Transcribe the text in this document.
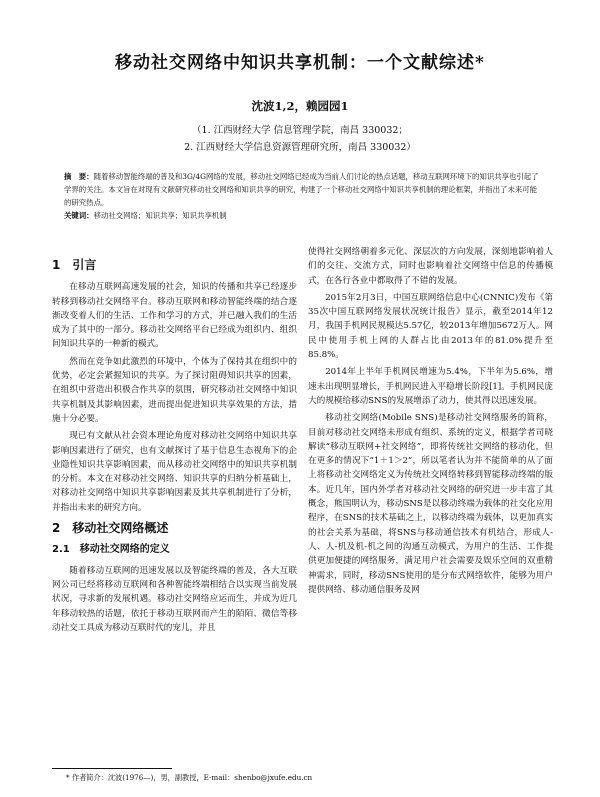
移动社交网络中知识共享机制：一个文献综述*
沈波1,2，赖园园1
（1. 江西财经大学 信息管理学院，南昌 330032；
2. 江西财经大学信息资源管理研究所，南昌 330032）
摘　要：随着移动智能终端的普及和3G/4G网络的发展，移动社交网络已经成为当前人们讨论的热点话题，移动互联网环境下的知识共享也引起了学界的关注。本文旨在对现有文献研究移动社交网络和知识共享的研究，构建了一个移动社交网络中知识共享机制的理论框架，并指出了未来可能的研究热点。
关键词：移动社交网络；知识共享；知识共享机制
1　引言

在移动互联网高速发展的社会，知识的传播和共享已经逐步转移到移动社交网络平台。移动互联网和移动智能终端的结合逐渐改变着人们的生活、工作和学习的方式，并已融入我们的生活成为了其中的一部分。移动社交网络平台已经成为组织内、组织间知识共享的一种新的模式。

然而在竞争如此激烈的环境中，个体为了保持其在组织中的优势，必定会紧握知识的共享。为了探讨阻碍知识共享的因素，在组织中营造出积极合作共享的氛围，研究移动社交网络中知识共享机制及其影响因素，进而提出促进知识共享效果的方法，措施十分必要。

现已有文献从社会资本理论角度对移动社交网络中知识共享影响因素进行了研究，也有文献探讨了基于信息生态视角下的企业隐性知识共享影响因素，而从移动社交网络中的知识共享机制的分析。本文在对移动社交网络、知识共享的归纳分析基础上，对移动社交网络中知识共享影响因素及其共享机制进行了分析，并指出未来的研究方向。

2　移动社交网络概述
2.1　移动社交网络的定义

随着移动互联网的迅速发展以及智能终端的普及，各大互联网公司已经将移动互联网和各种智能终端相结合以实现当前发展状况，寻求新的发展机遇。移动社交网络应运而生，并成为近几年移动较热的话题，依托于移动互联网而产生的陌陌、微信等移动社交工具成为移动互联时代的宠儿，并且

使得社交网络朝着多元化、深层次的方向发展，深刻地影响着人们的交往、交流方式，同时也影响着社交网络中信息的传播模式，在各行各业中都取得了不错的发展。

2015年2月3日，中国互联网络信息中心(CNNIC)发布《第35次中国互联网络发展状况统计报告》显示，截至2014年12月，我国手机网民规模达5.57亿，较2013年增加5672万人。网民中使用手机上网的人群占比由2013年的81.0%提升至85.8%。

2014年上半年手机网民增速为5.4%，下半年为5.6%，增速未出现明显增长，手机网民进入平稳增长阶段[1]。手机网民庞大的规模给移动SNS的发展增添了动力，使其得以迅速发展。

移动社交网络(Mobile SNS)是移动社交网络服务的简称，目前对移动社交网络未形成有组织、系统的定义，根据学者司晓解读“移动互联网+社交网络”，即将传统社交网络的移动化，但在更多的情况下“1＋1＞2”，所以笔者认为并不能简单的从了面上将移动社交网络定义为传统社交网络转移到智能移动终端的版本。近几年，国内外学者对移动社交网络的研究进一步丰富了其概念，熊国明认为，移动SNS是以移动终端为载体的社交化应用程序，在SNS的技术基础之上，以移动终端为载体，以更加真实的社会关系为基础，将SNS与移动通信技术有机结合，形成人-人、人-机及机-机之间的沟通互动模式，为用户的生活、工作提供更加便捷的网络服务，满足用户社会需要及娱乐空间的双重精神需求，同时，移动SNS使用的是分布式网络软件，能够为用户提供网络、移动通信服务及网

* 作者简介：沈波(1976—)，男，副教授，E-mail：shenbo@jxufe.edu.cn
